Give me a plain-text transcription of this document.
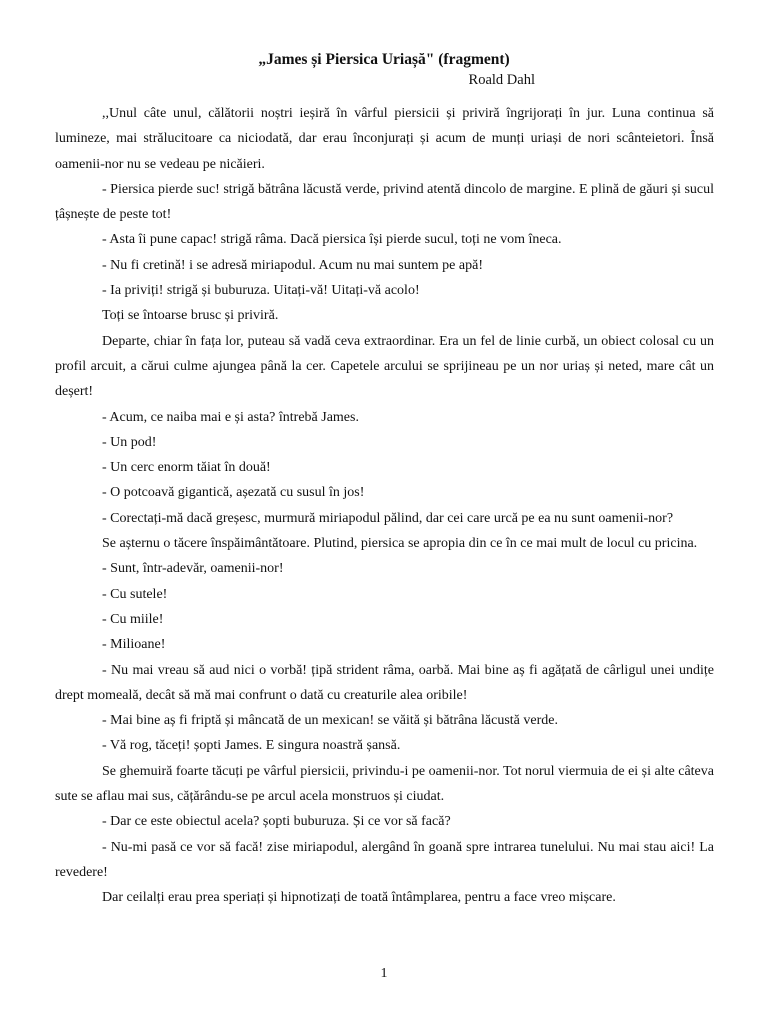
„James și Piersica Uriașă" (fragment)
Roald Dahl

,,Unul câte unul, călătorii noștri ieșiră în vârful piersicii și priviră îngrijorați în jur. Luna continua să lumineze, mai strălucitoare ca niciodată, dar erau înconjurați și acum de munți uriași de nori scânteietori. Însă oamenii-nor nu se vedeau pe nicăieri.

- Piersica pierde suc! strigă bătrâna lăcustă verde, privind atentă dincolo de margine. E plină de găuri și sucul țâșnește de peste tot!

- Asta îi pune capac! strigă râma. Dacă piersica își pierde sucul, toți ne vom îneca.

- Nu fi cretină! i se adresă miriapodul. Acum nu mai suntem pe apă!

- Ia priviți! strigă și buburuza. Uitați-vă! Uitați-vă acolo!

Toți se întoarse brusc și priviră.

Departe, chiar în fața lor, puteau să vadă ceva extraordinar. Era un fel de linie curbă, un obiect colosal cu un profil arcuit, a cărui culme ajungea până la cer. Capetele arcului se sprijineau pe un nor uriaș și neted, mare cât un deșert!

- Acum, ce naiba mai e și asta? întrebă James.

- Un pod!

- Un cerc enorm tăiat în două!

- O potcoavă gigantică, așezată cu susul în jos!

- Corectați-mă dacă greșesc, murmură miriapodul pălind, dar cei care urcă pe ea nu sunt oamenii-nor?

Se așternu o tăcere înspăimântătoare. Plutind, piersica se apropia din ce în ce mai mult de locul cu pricina.

- Sunt, într-adevăr, oamenii-nor!

- Cu sutele!

- Cu miile!

- Milioane!

- Nu mai vreau să aud nici o vorbă! țipă strident râma, oarbă. Mai bine aș fi agățată de cârligul unei undițe drept momeală, decât să mă mai confrunt o dată cu creaturile alea oribile!

- Mai bine aș fi friptă și mâncată de un mexican! se văită și bătrâna lăcustă verde.

- Vă rog, tăceți! șopti James. E singura noastră șansă.

Se ghemuiră foarte tăcuți pe vârful piersicii, privindu-i pe oamenii-nor. Tot norul viermuia de ei și alte câteva sute se aflau mai sus, cățărându-se pe arcul acela monstruos și ciudat.

- Dar ce este obiectul acela? șopti buburuza. Și ce vor să facă?

- Nu-mi pasă ce vor să facă! zise miriapodul, alergând în goană spre intrarea tunelului. Nu mai stau aici! La revedere!

Dar ceilalți erau prea speriați și hipnotizați de toată întâmplarea, pentru a face vreo mișcare.

1
